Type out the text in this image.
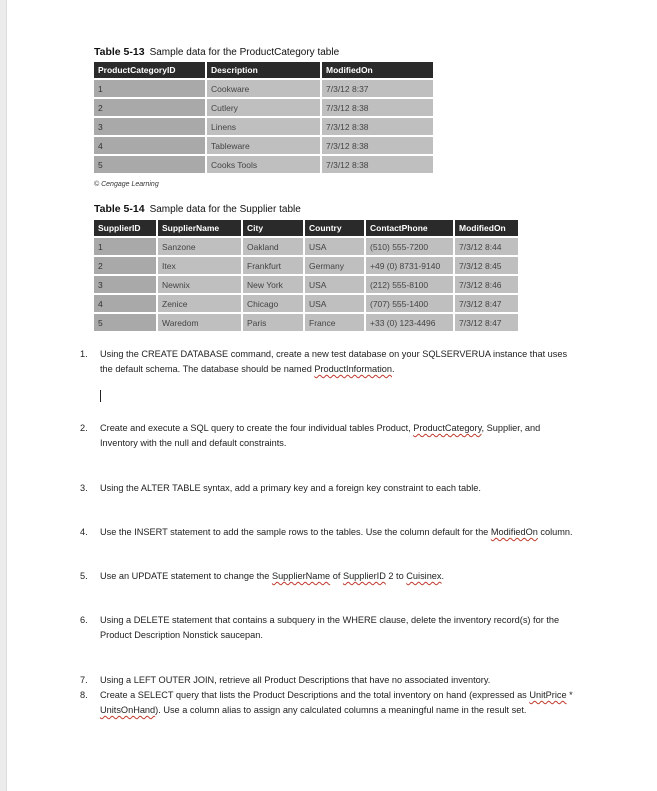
Table 5-13 Sample data for the ProductCategory table
ProductCategoryID	Description	ModifiedOn
1	Cookware	7/3/12 8:37
2	Cutlery	7/3/12 8:38
3	Linens	7/3/12 8:38
4	Tableware	7/3/12 8:38
5	Cooks Tools	7/3/12 8:38
© Cengage Learning
Table 5-14 Sample data for the Supplier table
SupplierID	SupplierName	City	Country	ContactPhone	ModifiedOn
1	Sanzone	Oakland	USA	(510) 555-7200	7/3/12 8:44
2	Itex	Frankfurt	Germany	+49 (0) 8731-9140	7/3/12 8:45
3	Newnix	New York	USA	(212) 555-8100	7/3/12 8:46
4	Zenice	Chicago	USA	(707) 555-1400	7/3/12 8:47
5	Waredom	Paris	France	+33 (0) 123-4496	7/3/12 8:47
1. Using the CREATE DATABASE command, create a new test database on your SQLSERVERUA instance that uses the default schema. The database should be named ProductInformation.
2. Create and execute a SQL query to create the four individual tables Product, ProductCategory, Supplier, and Inventory with the null and default constraints.
3. Using the ALTER TABLE syntax, add a primary key and a foreign key constraint to each table.
4. Use the INSERT statement to add the sample rows to the tables. Use the column default for the ModifiedOn column.
5. Use an UPDATE statement to change the SupplierName of SupplierID 2 to Cuisinex.
6. Using a DELETE statement that contains a subquery in the WHERE clause, delete the inventory record(s) for the Product Description Nonstick saucepan.
7. Using a LEFT OUTER JOIN, retrieve all Product Descriptions that have no associated inventory.
8. Create a SELECT query that lists the Product Descriptions and the total inventory on hand (expressed as UnitPrice * UnitsOnHand). Use a column alias to assign any calculated columns a meaningful name in the result set.
